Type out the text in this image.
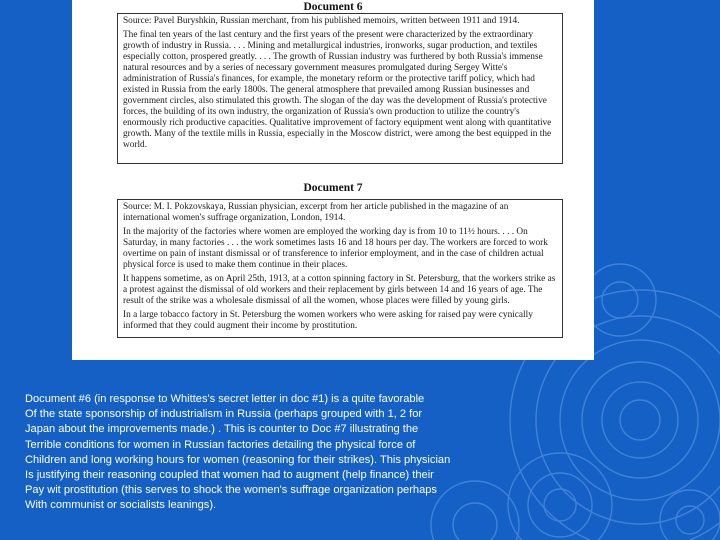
Document 6

Source: Pavel Buryshkin, Russian merchant, from his published memoirs, written between 1911 and 1914.

The final ten years of the last century and the first years of the present were characterized by the extraordinary growth of industry in Russia. . . . Mining and metallurgical industries, ironworks, sugar production, and textiles especially cotton, prospered greatly. . . . The growth of Russian industry was furthered by both Russia's immense natural resources and by a series of necessary government measures promulgated during Sergey Witte's administration of Russia's finances, for example, the monetary reform or the protective tariff policy, which had existed in Russia from the early 1800s. The general atmosphere that prevailed among Russian businesses and government circles, also stimulated this growth. The slogan of the day was the development of Russia's protective forces, the building of its own industry, the organization of Russia's own production to utilize the country's enormously rich productive capacities. Qualitative improvement of factory equipment went along with quantitative growth. Many of the textile mills in Russia, especially in the Moscow district, were among the best equipped in the world.

Document 7

Source: M. I. Pokzovskaya, Russian physician, excerpt from her article published in the magazine of an international women's suffrage organization, London, 1914.

In the majority of the factories where women are employed the working day is from 10 to 11½ hours. . . . On Saturday, in many factories . . . the work sometimes lasts 16 and 18 hours per day. The workers are forced to work overtime on pain of instant dismissal or of transference to inferior employment, and in the case of children actual physical force is used to make them continue in their places.

It happens sometime, as on April 25th, 1913, at a cotton spinning factory in St. Petersburg, that the workers strike as a protest against the dismissal of old workers and their replacement by girls between 14 and 16 years of age. The result of the strike was a wholesale dismissal of all the women, whose places were filled by young girls.

In a large tobacco factory in St. Petersburg the women workers who were asking for raised pay were cynically informed that they could augment their income by prostitution.

Document #6 (in response to Whittes's secret letter in doc #1) is a quite favorable
Of the state sponsorship of industrialism in Russia (perhaps grouped with 1, 2 for
Japan about the improvements made.) . This is counter to Doc #7 illustrating the
Terrible conditions for women in Russian factories detailing the physical force of
Children and long working hours for women (reasoning for their strikes). This physician
Is justifying their reasoning coupled that women had to augment (help finance) their
Pay wit prostitution (this serves to shock the women's suffrage organization perhaps
With communist or socialists leanings).
